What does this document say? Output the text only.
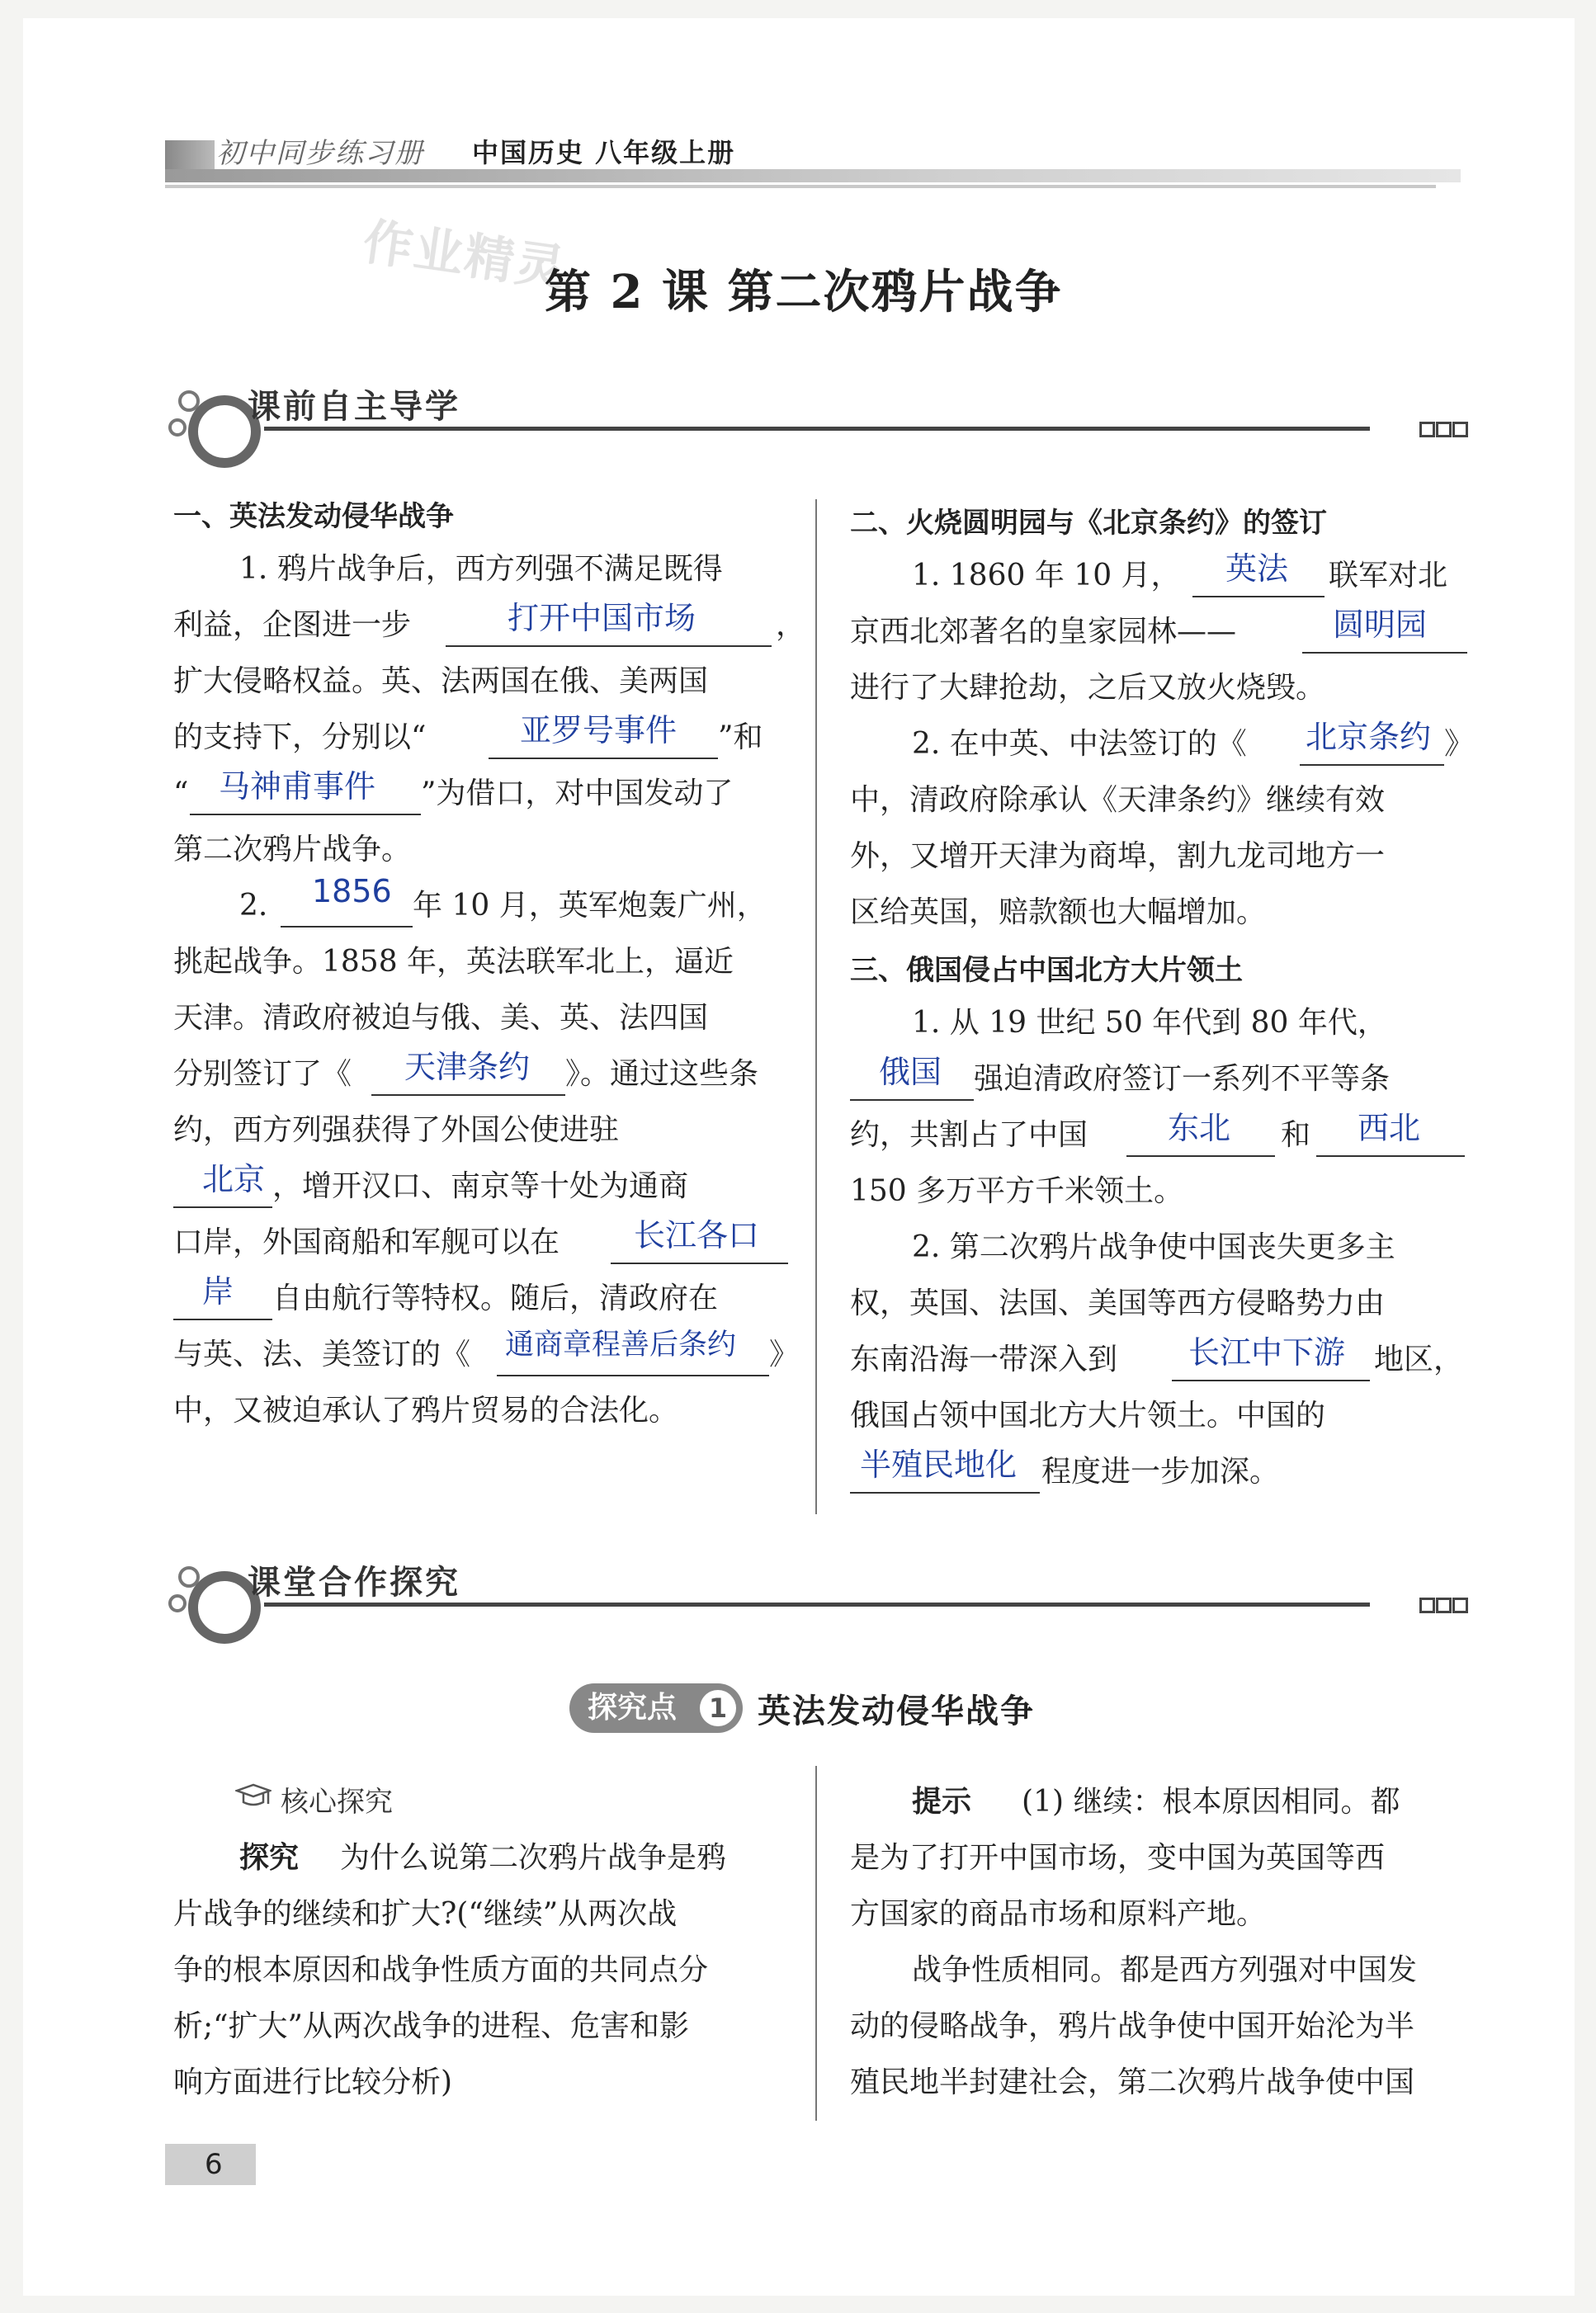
初中同步练习册 中国历史 八年级上册
作业精灵
第 2 课 第二次鸦片战争
课前自主导学
一、英法发动侵华战争
1. 鸦片战争后，西方列强不满足既得
利益，企图进一步	打开中国市场	，
扩大侵略权益。英、法两国在俄、美两国
的支持下，分别以“	亚罗号事件 ”和
“ 马神甫事件 ”为借口，对中国发动了
第二次鸦片战争。
2. 1856 年 10 月，英军炮轰广州，
挑起战争。1858 年，英法联军北上，逼近
天津。清政府被迫与俄、美、英、法四国
分别签订了《 天津条约 》。通过这些条
约，西方列强获得了外国公使进驻
北京 ，增开汉口、南京等十处为通商
口岸，外国商船和军舰可以在 长江各口
岸 自由航行等特权。随后，清政府在
与英、法、美签订的《 通商章程善后条约 》
中，又被迫承认了鸦片贸易的合法化。
二、火烧圆明园与《北京条约》的签订
1. 1860 年 10 月， 英法 联军对北
京西北郊著名的皇家园林——	圆明园
进行了大肆抢劫，之后又放火烧毁。
2. 在中英、中法签订的《 北京条约 》
中，清政府除承认《天津条约》继续有效
外，又增开天津为商埠，割九龙司地方一
区给英国，赔款额也大幅增加。
三、俄国侵占中国北方大片领土
1. 从 19 世纪 50 年代到 80 年代，
俄国 强迫清政府签订一系列不平等条
约，共割占了中国	东北 和 西北
150 多万平方千米领土。
2. 第二次鸦片战争使中国丧失更多主
权，英国、法国、美国等西方侵略势力由
东南沿海一带深入到 长江中下游 地区，
俄国占领中国北方大片领土。中国的
半殖民地化 程度进一步加深。
课堂合作探究
探究点	1 英法发动侵华战争
核心探究
探究 为什么说第二次鸦片战争是鸦
片战争的继续和扩大?(“继续”从两次战
争的根本原因和战争性质方面的共同点分
析;“扩大”从两次战争的进程、危害和影
响方面进行比较分析)
提示 (1) 继续：根本原因相同。都
是为了打开中国市场，变中国为英国等西
方国家的商品市场和原料产地。
战争性质相同。都是西方列强对中国发
动的侵略战争，鸦片战争使中国开始沦为半
殖民地半封建社会，第二次鸦片战争使中国
6
